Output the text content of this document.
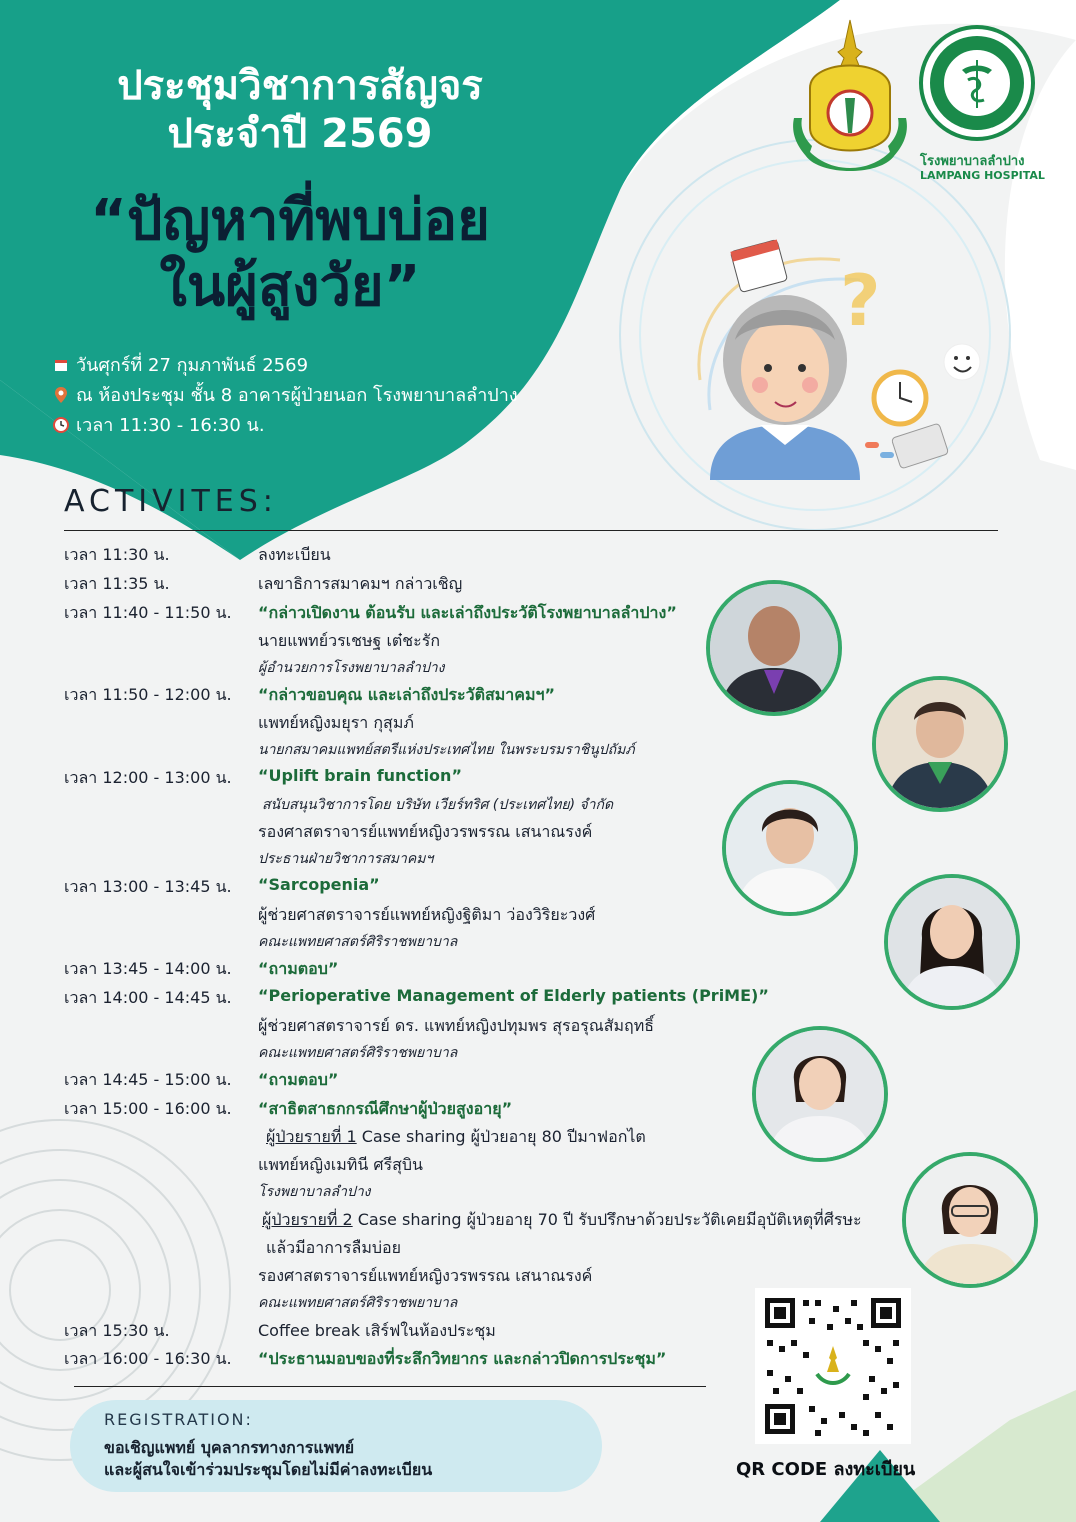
ประชุมวิชาการสัญจร
ประจำปี 2569
“ปัญหาที่พบบ่อย
ในผู้สูงวัย”
วันศุกร์ที่ 27 กุมภาพันธ์ 2569
ณ ห้องประชุม ชั้น 8 อาคารผู้ป่วยนอก โรงพยาบาลลำปาง
เวลา 11:30 - 16:30 น.
โรงพยาบาลลำปาง
LAMPANG HOSPITAL
?
ACTIVITES:
เวลา 11:30 น.	ลงทะเบียน
เวลา 11:35 น.	เลขาธิการสมาคมฯ กล่าวเชิญ
เวลา 11:40 - 11:50 น. “กล่าวเปิดงาน ต้อนรับ และเล่าถึงประวัติโรงพยาบาลลำปาง”
นายแพทย์วรเชษฐ เต๋ชะรัก
ผู้อำนวยการโรงพยาบาลลำปาง
เวลา 11:50 - 12:00 น. “กล่าวขอบคุณ และเล่าถึงประวัติสมาคมฯ”
แพทย์หญิงมยุรา กุสุมภ์
นายกสมาคมแพทย์สตรีแห่งประเทศไทย ในพระบรมราชินูปถัมภ์
เวลา 12:00 - 13:00 น. “Uplift brain function”
สนับสนุนวิชาการโดย บริษัท เวียร์ทริศ (ประเทศไทย) จำกัด
รองศาสตราจารย์แพทย์หญิงวรพรรณ เสนาณรงค์
ประธานฝ่ายวิชาการสมาคมฯ
เวลา 13:00 - 13:45 น. “Sarcopenia”
ผู้ช่วยศาสตราจารย์แพทย์หญิงฐิติมา ว่องวิริยะวงศ์
คณะแพทยศาสตร์ศิริราชพยาบาล
เวลา 13:45 - 14:00 น. “ถามตอบ”
เวลา 14:00 - 14:45 น. “Perioperative Management of Elderly patients (PriME)”
ผู้ช่วยศาสตราจารย์ ดร. แพทย์หญิงปทุมพร สุรอรุณสัมฤทธิ์
คณะแพทยศาสตร์ศิริราชพยาบาล
เวลา 14:45 - 15:00 น. “ถามตอบ”
เวลา 15:00 - 16:00 น. “สาธิตสาธกกรณีศึกษาผู้ป่วยสูงอายุ”
ผู้ป่วยรายที่ 1 Case sharing ผู้ป่วยอายุ 80 ปีมาฟอกไต
แพทย์หญิงเมทินี ศรีสุบิน
โรงพยาบาลลำปาง
ผู้ป่วยรายที่ 2 Case sharing ผู้ป่วยอายุ 70 ปี รับปรึกษาด้วยประวัติเคยมีอุบัติเหตุที่ศีรษะ
แล้วมีอาการลืมบ่อย
รองศาสตราจารย์แพทย์หญิงวรพรรณ เสนาณรงค์
คณะแพทยศาสตร์ศิริราชพยาบาล
เวลา 15:30 น.	Coffee break เสิร์ฟในห้องประชุม
เวลา 16:00 - 16:30 น. “ประธานมอบของที่ระลึกวิทยากร และกล่าวปิดการประชุม”
REGISTRATION:
ขอเชิญแพทย์ บุคลากรทางการแพทย์
และผู้สนใจเข้าร่วมประชุมโดยไม่มีค่าลงทะเบียน	QR CODE ลงทะเบียน
